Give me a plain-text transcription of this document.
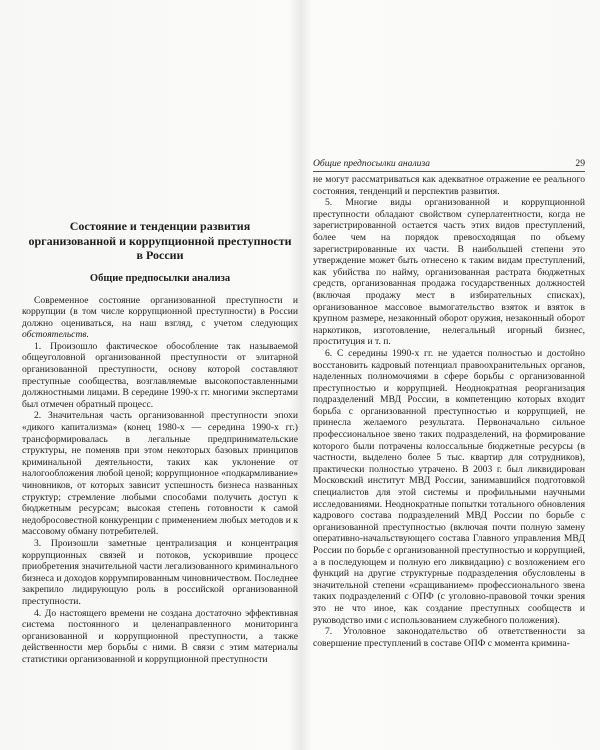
Состояние и тенденции развития организованной и коррупционной преступности в России
Общие предпосылки анализа

Современное состояние организованной преступности и коррупции (в том числе коррупционной преступности) в России должно оцениваться, на наш взгляд, с учетом следующих обстоятельств.

1. Произошло фактическое обособление так называемой общеуголовной организованной преступности от элитарной организованной преступности, основу которой составляют преступные сообщества, возглавляемые высокопоставленными должностными лицами. В середине 1990-х гг. многими экспертами был отмечен обратный процесс.

2. Значительная часть организованной преступности эпохи «дикого капитализма» (конец 1980-х — середина 1990-х гг.) трансформировалась в легальные предпринимательские структуры, не поменяв при этом некоторых базовых принципов криминальной деятельности, таких как уклонение от налогообложения любой ценой; коррупционное «подкармливание» чиновников, от которых зависит успешность бизнеса названных структур; стремление любыми способами получить доступ к бюджетным ресурсам; высокая степень готовности к самой недобросовестной конкуренции с применением любых методов и к массовому обману потребителей.

3. Произошли заметные централизация и концентрация коррупционных связей и потоков, ускорившие процесс приобретения значительной части легализованного криминального бизнеса и доходов коррумпированным чиновничеством. Последнее закрепило лидирующую роль в российской организованной преступности.

4. До настоящего времени не создана достаточно эффективная система постоянного и целенаправленного мониторинга организованной и коррупционной преступности, а также действенности мер борьбы с ними. В связи с этим материалы статистики организованной и коррупционной преступности

Общие предпосылки анализа	29

не могут рассматриваться как адекватное отражение ее реального состояния, тенденций и перспектив развития.

5. Многие виды организованной и коррупционной преступности обладают свойством суперлатентности, когда не зарегистрированной остается часть этих видов преступлений, более чем на порядок превосходящая по объему зарегистрированные их части. В наибольшей степени это утверждение может быть отнесено к таким видам преступлений, как убийства по найму, организованная растрата бюджетных средств, организованная продажа государственных должностей (включая продажу мест в избирательных списках), организованное массовое вымогательство взяток и взяток в крупном размере, незаконный оборот оружия, незаконный оборот наркотиков, изготовление, нелегальный игорный бизнес, проституция и т. п.

6. С середины 1990-х гг. не удается полностью и достойно восстановить кадровый потенциал правоохранительных органов, наделенных полномочиями в сфере борьбы с организованной преступностью и коррупцией. Неоднократная реорганизация подразделений МВД России, в компетенцию которых входит борьба с организованной преступностью и коррупцией, не принесла желаемого результата. Первоначально сильное профессиональное звено таких подразделений, на формирование которого были потрачены колоссальные бюджетные ресурсы (в частности, выделено более 5 тыс. квартир для сотрудников), практически полностью утрачено. В 2003 г. был ликвидирован Московский институт МВД России, занимавшийся подготовкой специалистов для этой системы и профильными научными исследованиями. Неоднократные попытки тотального обновления кадрового состава подразделений МВД России по борьбе с организованной преступностью (включая почти полную замену оперативно-начальствующего состава Главного управления МВД России по борьбе с организованной преступностью и коррупцией, а в последующем и полную его ликвидацию) с возложением его функций на другие структурные подразделения обусловлены в значительной степени «сращиванием» профессионального звена таких подразделений с ОПФ (с уголовно-правовой точки зрения это не что иное, как создание преступных сообществ и руководство ими с использованием служебного положения).

7. Уголовное законодательство об ответственности за совершение преступлений в составе ОПФ с момента кримина-
